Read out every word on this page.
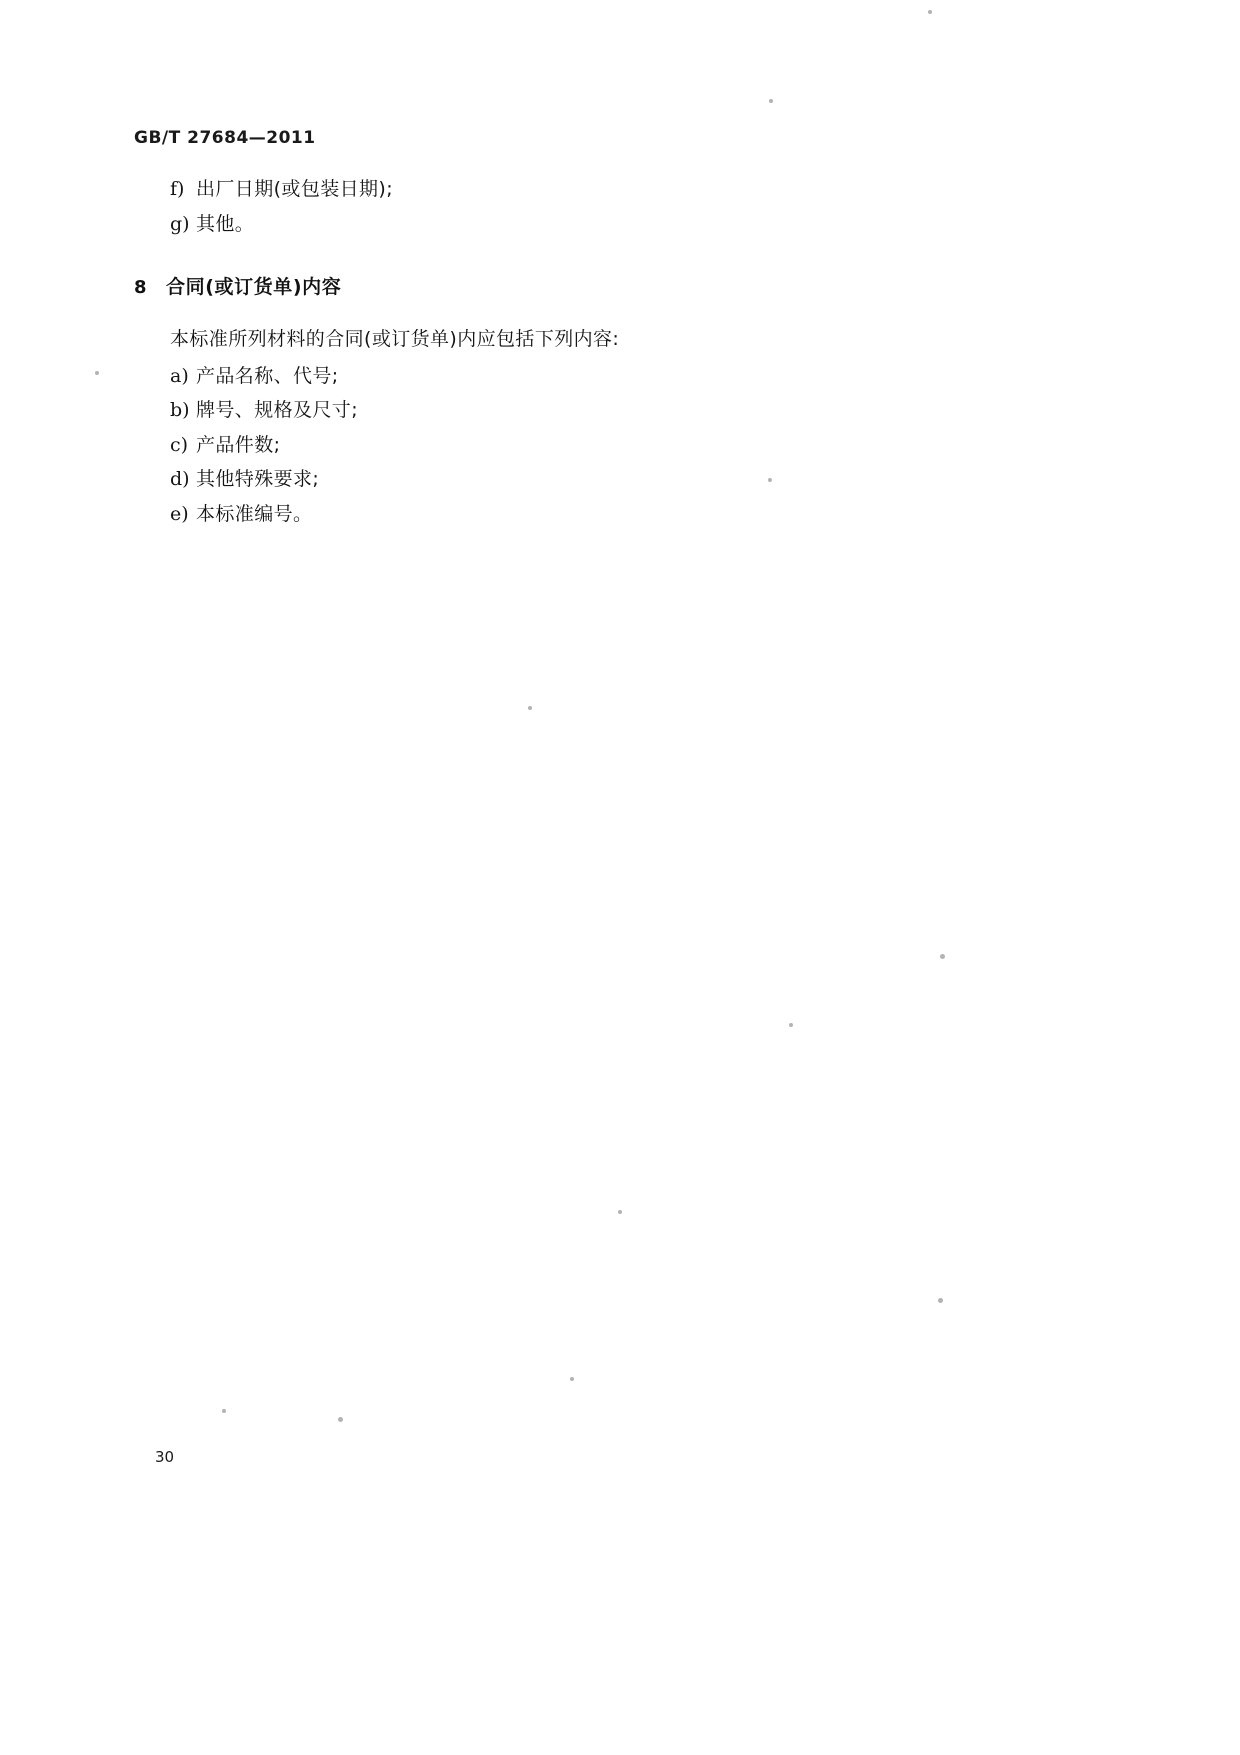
GB/T 27684—2011
f) 出厂日期(或包装日期);
g) 其他。
8	合同(或订货单)内容

本标准所列材料的合同(或订货单)内应包括下列内容:

a) 产品名称、代号;
b) 牌号、规格及尺寸;
c) 产品件数;
d) 其他特殊要求;
e) 本标准编号。
30
